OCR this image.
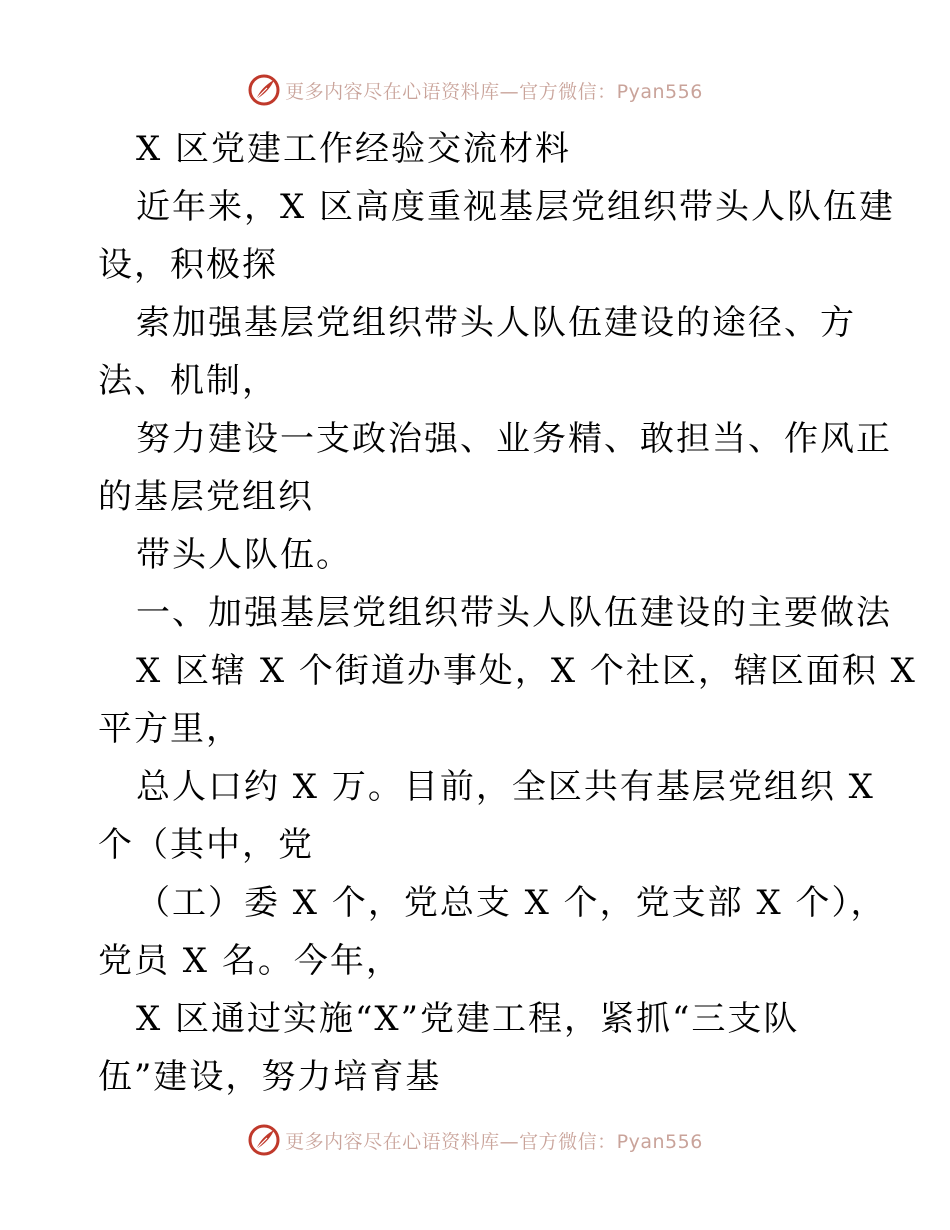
更多内容尽在心语资料库—官方微信：Pyan556
X 区党建工作经验交流材料
近年来，X 区高度重视基层党组织带头人队伍建
设，积极探
索加强基层党组织带头人队伍建设的途径、方
法、机制，
努力建设一支政治强、业务精、敢担当、作风正
的基层党组织
带头人队伍。
一、加强基层党组织带头人队伍建设的主要做法
X 区辖 X 个街道办事处，X 个社区，辖区面积 X
平方里，
总人口约 X 万。目前，全区共有基层党组织 X
个（其中，党
（工）委 X 个，党总支 X 个，党支部 X 个），
党员 X 名。今年，
X 区通过实施“X”党建工程，紧抓“三支队
伍”建设，努力培育基
更多内容尽在心语资料库—官方微信：Pyan556
